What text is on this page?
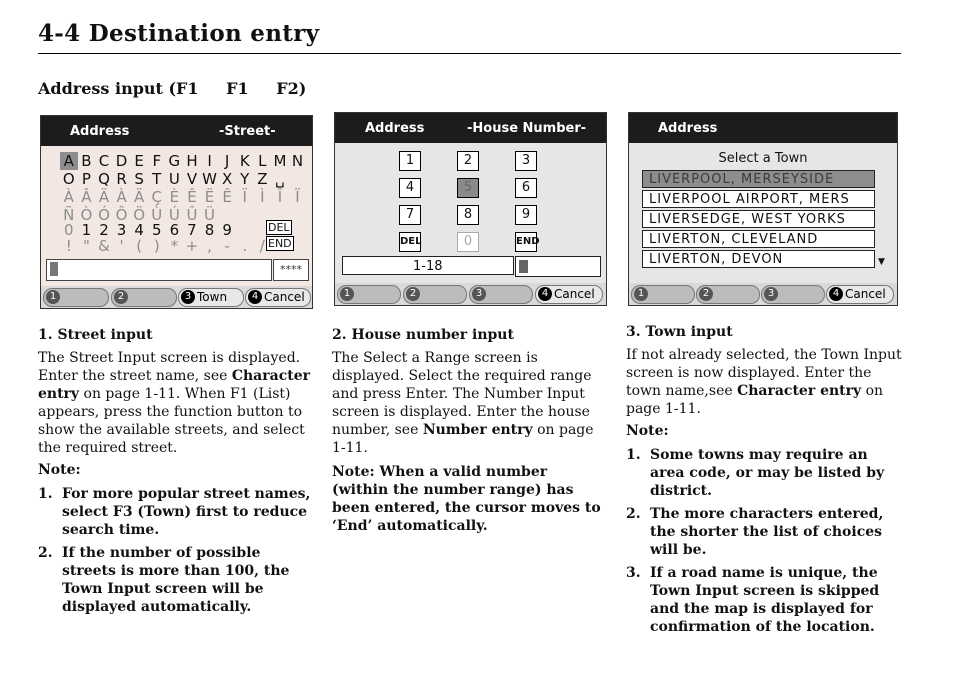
4-4 Destination entry
Address input (F1 F1 F2)
Address	-Street-
A B C D E F G H I J K L M N
O P Q R S T U V W X Y Z ␣
À Â Ä À Ä Ç È Ê Ë Ê Ï Ì Î Ï
Ñ Ò Ó Ô Ö Ù Ú Û Ü
0 1 2 3 4 5 6 7 8 9
! " & ' ( ) * + , - . /
DEL
END
****
1	2	3 Town	4 Cancel
Address	-House Number-
1	2	3
4	5	6
7	8	9
DEL	0	END
1-18
1	2	3	4 Cancel
Address
Select a Town
LIVERPOOL, MERSEYSIDE
LIVERPOOL AIRPORT, MERS
LIVERSEDGE, WEST YORKS
LIVERTON, CLEVELAND
LIVERTON, DEVON	▼
1	2	3	4 Cancel
1. Street input

The Street Input screen is displayed. Enter the street name, see Character entry on page 1-11. When F1 (List) appears, press the function button to show the available streets, and select the required street.

Note:
1. For more popular street names, select F3 (Town) first to reduce search time.
2. If the number of possible streets is more than 100, the Town Input screen will be displayed automatically.
2. House number input

The Select a Range screen is displayed. Select the required range and press Enter. The Number Input screen is displayed. Enter the house number, see Number entry on page 1-11.

Note: When a valid number (within the number range) has been entered, the cursor moves to ‘End’ automatically.

3. Town input

If not already selected, the Town Input screen is now displayed. Enter the town name,see Character entry on page 1-11.

Note:
1. Some towns may require an area code, or may be listed by district.
2. The more characters entered, the shorter the list of choices will be.
3. If a road name is unique, the Town Input screen is skipped and the map is displayed for confirmation of the location.
